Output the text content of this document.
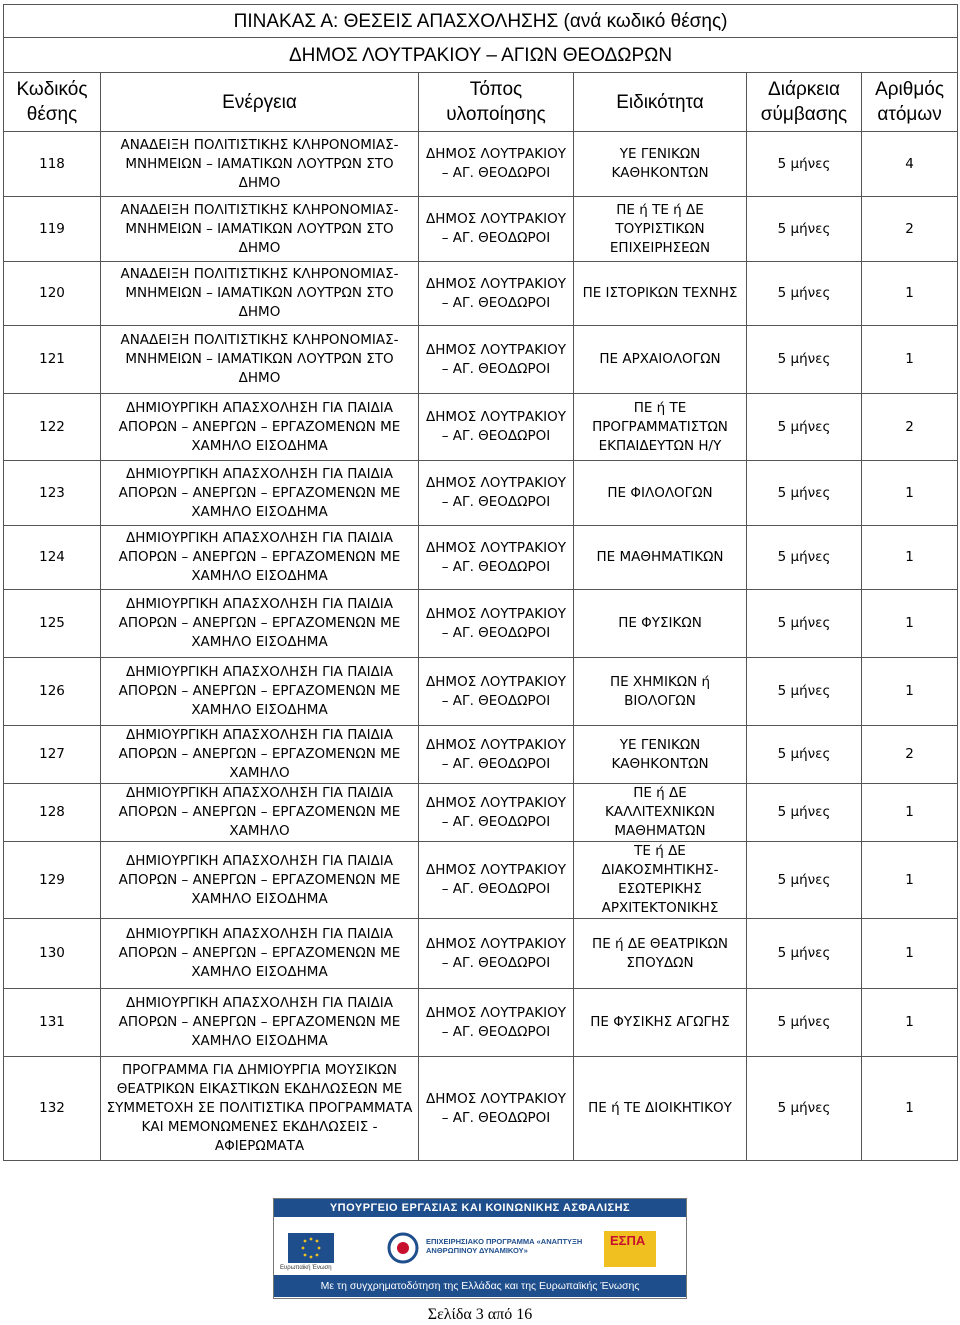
ΠΙΝΑΚΑΣ Α: ΘΕΣΕΙΣ ΑΠΑΣΧΟΛΗΣΗΣ (ανά κωδικό θέσης)					
ΔΗΜΟΣ ΛΟΥΤΡΑΚΙΟΥ – ΑΓΙΩΝ ΘΕΟΔΩΡΩΝ					
Κωδικός θέσης	Ενέργεια	Τόπος υλοποίησης	Ειδικότητα	Διάρκεια σύμβασης	Αριθμός ατόμων
118	ΑΝΑΔΕΙΞΗ ΠΟΛΙΤΙΣΤΙΚΗΣ ΚΛΗΡΟΝΟΜΙΑΣ-ΜΝΗΜΕΙΩΝ – ΙΑΜΑΤΙΚΩΝ ΛΟΥΤΡΩΝ ΣΤΟ ΔΗΜΟ	ΔΗΜΟΣ ΛΟΥΤΡΑΚΙΟΥ – ΑΓ. ΘΕΟΔΩΡΟΙ	ΥΕ ΓΕΝΙΚΩΝ ΚΑΘΗΚΟΝΤΩΝ	5 μήνες	4
119	ΑΝΑΔΕΙΞΗ ΠΟΛΙΤΙΣΤΙΚΗΣ ΚΛΗΡΟΝΟΜΙΑΣ-ΜΝΗΜΕΙΩΝ – ΙΑΜΑΤΙΚΩΝ ΛΟΥΤΡΩΝ ΣΤΟ ΔΗΜΟ	ΔΗΜΟΣ ΛΟΥΤΡΑΚΙΟΥ – ΑΓ. ΘΕΟΔΩΡΟΙ	ΠΕ ή ΤΕ ή ΔΕ ΤΟΥΡΙΣΤΙΚΩΝ ΕΠΙΧΕΙΡΗΣΕΩΝ	5 μήνες	2
120	ΑΝΑΔΕΙΞΗ ΠΟΛΙΤΙΣΤΙΚΗΣ ΚΛΗΡΟΝΟΜΙΑΣ-ΜΝΗΜΕΙΩΝ – ΙΑΜΑΤΙΚΩΝ ΛΟΥΤΡΩΝ ΣΤΟ ΔΗΜΟ	ΔΗΜΟΣ ΛΟΥΤΡΑΚΙΟΥ – ΑΓ. ΘΕΟΔΩΡΟΙ	ΠΕ ΙΣΤΟΡΙΚΩΝ ΤΕΧΝΗΣ	5 μήνες	1
121	ΑΝΑΔΕΙΞΗ ΠΟΛΙΤΙΣΤΙΚΗΣ ΚΛΗΡΟΝΟΜΙΑΣ-ΜΝΗΜΕΙΩΝ – ΙΑΜΑΤΙΚΩΝ ΛΟΥΤΡΩΝ ΣΤΟ ΔΗΜΟ	ΔΗΜΟΣ ΛΟΥΤΡΑΚΙΟΥ – ΑΓ. ΘΕΟΔΩΡΟΙ	ΠΕ ΑΡΧΑΙΟΛΟΓΩΝ	5 μήνες	1
122	ΔΗΜΙΟΥΡΓΙΚΗ ΑΠΑΣΧΟΛΗΣΗ ΓΙΑ ΠΑΙΔΙΑ ΑΠΟΡΩΝ – ΑΝΕΡΓΩΝ – ΕΡΓΑΖΟΜΕΝΩΝ ΜΕ ΧΑΜΗΛΟ ΕΙΣΟΔΗΜΑ	ΔΗΜΟΣ ΛΟΥΤΡΑΚΙΟΥ – ΑΓ. ΘΕΟΔΩΡΟΙ	ΠΕ ή ΤΕ ΠΡΟΓΡΑΜΜΑΤΙΣΤΩΝ ΕΚΠΑΙΔΕΥΤΩΝ Η/Υ	5 μήνες	2
123	ΔΗΜΙΟΥΡΓΙΚΗ ΑΠΑΣΧΟΛΗΣΗ ΓΙΑ ΠΑΙΔΙΑ ΑΠΟΡΩΝ – ΑΝΕΡΓΩΝ – ΕΡΓΑΖΟΜΕΝΩΝ ΜΕ ΧΑΜΗΛΟ ΕΙΣΟΔΗΜΑ	ΔΗΜΟΣ ΛΟΥΤΡΑΚΙΟΥ – ΑΓ. ΘΕΟΔΩΡΟΙ	ΠΕ ΦΙΛΟΛΟΓΩΝ	5 μήνες	1
124	ΔΗΜΙΟΥΡΓΙΚΗ ΑΠΑΣΧΟΛΗΣΗ ΓΙΑ ΠΑΙΔΙΑ ΑΠΟΡΩΝ – ΑΝΕΡΓΩΝ – ΕΡΓΑΖΟΜΕΝΩΝ ΜΕ ΧΑΜΗΛΟ ΕΙΣΟΔΗΜΑ	ΔΗΜΟΣ ΛΟΥΤΡΑΚΙΟΥ – ΑΓ. ΘΕΟΔΩΡΟΙ	ΠΕ ΜΑΘΗΜΑΤΙΚΩΝ	5 μήνες	1
125	ΔΗΜΙΟΥΡΓΙΚΗ ΑΠΑΣΧΟΛΗΣΗ ΓΙΑ ΠΑΙΔΙΑ ΑΠΟΡΩΝ – ΑΝΕΡΓΩΝ – ΕΡΓΑΖΟΜΕΝΩΝ ΜΕ ΧΑΜΗΛΟ ΕΙΣΟΔΗΜΑ	ΔΗΜΟΣ ΛΟΥΤΡΑΚΙΟΥ – ΑΓ. ΘΕΟΔΩΡΟΙ	ΠΕ ΦΥΣΙΚΩΝ	5 μήνες	1
126	ΔΗΜΙΟΥΡΓΙΚΗ ΑΠΑΣΧΟΛΗΣΗ ΓΙΑ ΠΑΙΔΙΑ ΑΠΟΡΩΝ – ΑΝΕΡΓΩΝ – ΕΡΓΑΖΟΜΕΝΩΝ ΜΕ ΧΑΜΗΛΟ ΕΙΣΟΔΗΜΑ	ΔΗΜΟΣ ΛΟΥΤΡΑΚΙΟΥ – ΑΓ. ΘΕΟΔΩΡΟΙ	ΠΕ ΧΗΜΙΚΩΝ ή ΒΙΟΛΟΓΩΝ	5 μήνες	1
127	ΔΗΜΙΟΥΡΓΙΚΗ ΑΠΑΣΧΟΛΗΣΗ ΓΙΑ ΠΑΙΔΙΑ ΑΠΟΡΩΝ – ΑΝΕΡΓΩΝ – ΕΡΓΑΖΟΜΕΝΩΝ ΜΕ ΧΑΜΗΛΟ	ΔΗΜΟΣ ΛΟΥΤΡΑΚΙΟΥ – ΑΓ. ΘΕΟΔΩΡΟΙ	ΥΕ ΓΕΝΙΚΩΝ ΚΑΘΗΚΟΝΤΩΝ	5 μήνες	2
128	ΔΗΜΙΟΥΡΓΙΚΗ ΑΠΑΣΧΟΛΗΣΗ ΓΙΑ ΠΑΙΔΙΑ ΑΠΟΡΩΝ – ΑΝΕΡΓΩΝ – ΕΡΓΑΖΟΜΕΝΩΝ ΜΕ ΧΑΜΗΛΟ	ΔΗΜΟΣ ΛΟΥΤΡΑΚΙΟΥ – ΑΓ. ΘΕΟΔΩΡΟΙ	ΠΕ ή ΔΕ ΚΑΛΛΙΤΕΧΝΙΚΩΝ ΜΑΘΗΜΑΤΩΝ	5 μήνες	1
129	ΔΗΜΙΟΥΡΓΙΚΗ ΑΠΑΣΧΟΛΗΣΗ ΓΙΑ ΠΑΙΔΙΑ ΑΠΟΡΩΝ – ΑΝΕΡΓΩΝ – ΕΡΓΑΖΟΜΕΝΩΝ ΜΕ ΧΑΜΗΛΟ ΕΙΣΟΔΗΜΑ	ΔΗΜΟΣ ΛΟΥΤΡΑΚΙΟΥ – ΑΓ. ΘΕΟΔΩΡΟΙ	ΤΕ ή ΔΕ ΔΙΑΚΟΣΜΗΤΙΚΗΣ-ΕΣΩΤΕΡΙΚΗΣ ΑΡΧΙΤΕΚΤΟΝΙΚΗΣ	5 μήνες	1
130	ΔΗΜΙΟΥΡΓΙΚΗ ΑΠΑΣΧΟΛΗΣΗ ΓΙΑ ΠΑΙΔΙΑ ΑΠΟΡΩΝ – ΑΝΕΡΓΩΝ – ΕΡΓΑΖΟΜΕΝΩΝ ΜΕ ΧΑΜΗΛΟ ΕΙΣΟΔΗΜΑ	ΔΗΜΟΣ ΛΟΥΤΡΑΚΙΟΥ – ΑΓ. ΘΕΟΔΩΡΟΙ	ΠΕ ή ΔΕ ΘΕΑΤΡΙΚΩΝ ΣΠΟΥΔΩΝ	5 μήνες	1
131	ΔΗΜΙΟΥΡΓΙΚΗ ΑΠΑΣΧΟΛΗΣΗ ΓΙΑ ΠΑΙΔΙΑ ΑΠΟΡΩΝ – ΑΝΕΡΓΩΝ – ΕΡΓΑΖΟΜΕΝΩΝ ΜΕ ΧΑΜΗΛΟ ΕΙΣΟΔΗΜΑ	ΔΗΜΟΣ ΛΟΥΤΡΑΚΙΟΥ – ΑΓ. ΘΕΟΔΩΡΟΙ	ΠΕ ΦΥΣΙΚΗΣ ΑΓΩΓΗΣ	5 μήνες	1
132	ΠΡΟΓΡΑΜΜΑ ΓΙΑ ΔΗΜΙΟΥΡΓΙΑ ΜΟΥΣΙΚΩΝ ΘΕΑΤΡΙΚΩΝ ΕΙΚΑΣΤΙΚΩΝ ΕΚΔΗΛΩΣΕΩΝ ΜΕ ΣΥΜΜΕΤΟΧΗ ΣΕ ΠΟΛΙΤΙΣΤΙΚΑ ΠΡΟΓΡΑΜΜΑΤΑ ΚΑΙ ΜΕΜΟΝΩΜΕΝΕΣ ΕΚΔΗΛΩΣΕΙΣ - ΑΦΙΕΡΩΜΑΤΑ	ΔΗΜΟΣ ΛΟΥΤΡΑΚΙΟΥ – ΑΓ. ΘΕΟΔΩΡΟΙ	ΠΕ ή ΤΕ ΔΙΟΙΚΗΤΙΚΟΥ	5 μήνες	1
ΥΠΟΥΡΓΕΙΟ ΕΡΓΑΣΙΑΣ ΚΑΙ ΚΟΙΝΩΝΙΚΗΣ ΑΣΦΑΛΙΣΗΣ
Ευρωπαϊκή Ένωση
ΕΠΙΧΕΙΡΗΣΙΑΚΟ ΠΡΟΓΡΑΜΜΑ «ΑΝΑΠΤΥΞΗ ΑΝΘΡΩΠΙΝΟΥ ΔΥΝΑΜΙΚΟΥ»
ΕΣΠΑ
Με τη συγχρηματοδότηση της Ελλάδας και της Ευρωπαϊκής Ένωσης
Σελίδα 3 από 16
